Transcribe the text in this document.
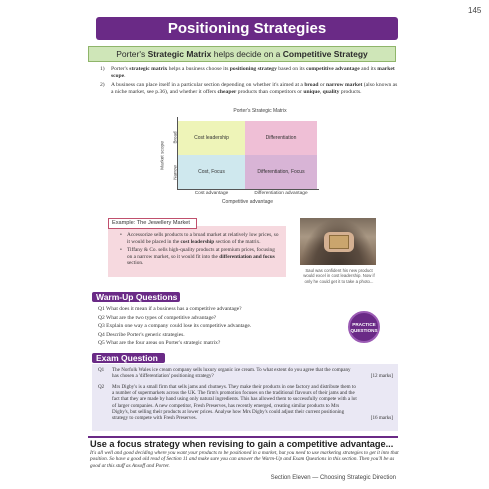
145
Positioning Strategies
Porter's Strategic Matrix helps decide on a Competitive Strategy
1) Porter's strategic matrix helps a business choose its positioning strategy based on its competitive advantage and its market scope.
2) A business can place itself in a particular section depending on whether it's aimed at a broad or narrow market (also known as a niche market, see p.36), and whether it offers cheaper products than competitors or unique, quality products.
Porter's Strategic Matrix
Cost leadership	Differentiation
Cost, Focus	Differentiation, Focus
Market scope
Broad
Narrow
Cost advantage	Differentiation advantage
Competitive advantage
Example: The Jewellery Market
• Accessorize sells products to a broad market at relatively low prices, so it would be placed in the cost leadership section of the matrix.
• Tiffany & Co. sells high-quality products at premium prices, focusing on a narrow market, so it would fit into the differentiation and focus section.
Saul was confident his new product would excel in cost leadership. Now if only he could get it to take a photo...
Warm-Up Questions
Q1 What does it mean if a business has a competitive advantage?
Q2 What are the two types of competitive advantage?
Q3 Explain one way a company could lose its competitive advantage.
Q4 Describe Porter's generic strategies.
Q5 What are the four areas on Porter's strategic matrix?
PRACTICE
QUESTIONS
Exam Question
Q1	The Norfolk Wales ice cream company sells luxury organic ice cream. To what extent do you agree that the company has chosen a 'differentiation' positioning strategy?	[12 marks]
Q2	Mrs Digby's is a small firm that sells jams and chutneys. They make their products in one factory and distribute them to a number of supermarkets across the UK. The firm's promotion focuses on the traditional flavours of their jams and the fact that they are made by hand using only natural ingredients. This has allowed them to successfully compete with a lot of larger companies. A new competitor, Fresh Preserves, has recently emerged, creating similar products to Mrs Digby's, but selling their products at lower prices. Analyse how Mrs Digby's could adjust their current positioning strategy to compete with Fresh Preserves.	[16 marks]
Use a focus strategy when revising to gain a competitive advantage...
It's all well and good deciding where you want your products to be positioned in a market, but you need to use marketing strategies to get it into that position. So have a good old read of Section 11 and make sure you can answer the Warm-Up and Exam Questions in this section. Then you'll be as good at this stuff as Ansoff and Porter.
Section Eleven — Choosing Strategic Direction
